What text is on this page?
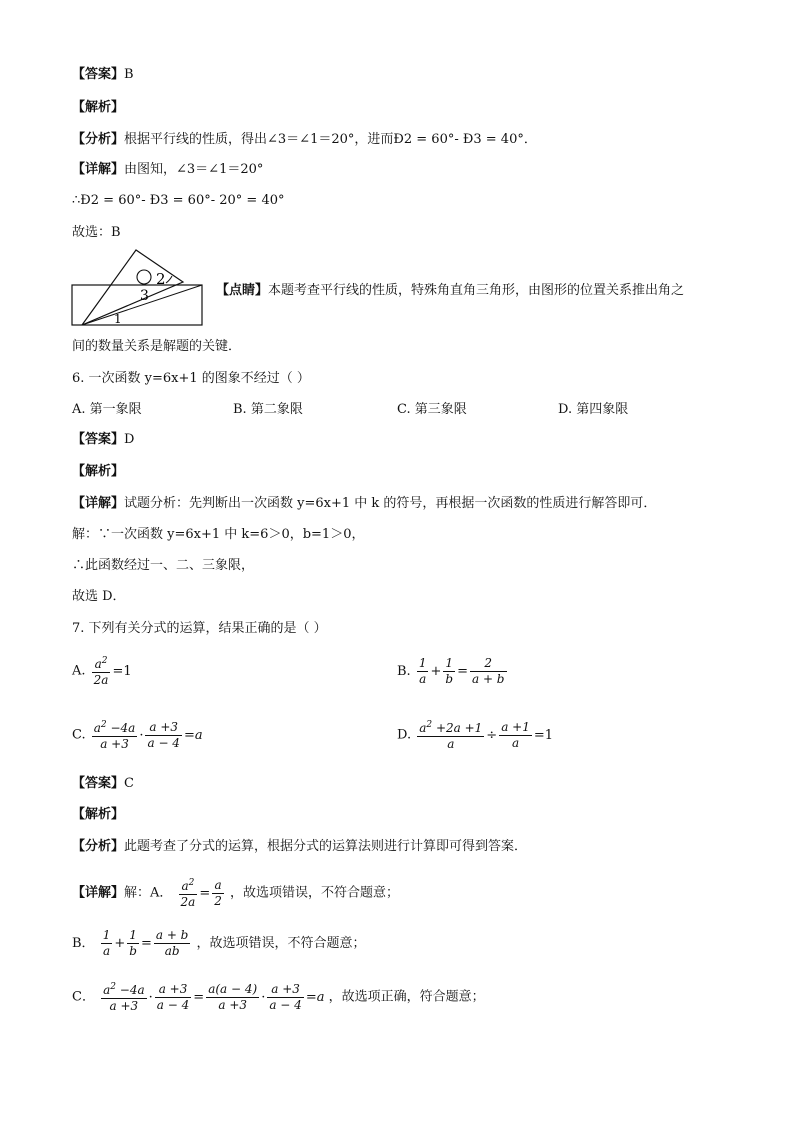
【答案】B
【解析】
【分析】根据平行线的性质，得出∠3＝∠1＝20°，进而Ð2 = 60°- Ð3 = 40°．
【详解】由图知，∠3＝∠1＝20°
∴Ð2 = 60°- Ð3 = 60°- 20° = 40°
故选：B
2
3
1
【点睛】本题考查平行线的性质，特殊角直角三角形，由图形的位置关系推出角之
间的数量关系是解题的关键．
6. 一次函数 y=6x+1 的图象不经过（ ）
A. 第一象限	B. 第二象限	C. 第三象限	D. 第四象限
【答案】D
【解析】
【详解】试题分析：先判断出一次函数 y=6x+1 中 k 的符号，再根据一次函数的性质进行解答即可．
解：∵一次函数 y=6x+1 中 k=6＞0，b=1＞0，
∴此函数经过一、二、三象限，
故选 D．
7. 下列有关分式的运算，结果正确的是（ ）
A. $\frac{a^2}{2a} =1$	B. $\frac{1}{a} + \frac{1}{b} = \frac{2}{a + b}$
C. $\frac{a^2 -4a}{a +3} \cdot \frac{a +3}{a - 4} =a$	D. $\frac{a^2 +2a +1}{a} \div \frac{a +1}{a} =1$
【答案】C
【解析】
【分析】此题考查了分式的运算，根据分式的运算法则进行计算即可得到答案．
【详解】解：A． $\frac{a^2}{2a} = \frac{a}{2}$ ，故选项错误，不符合题意；
B． $\frac{1}{a} + \frac{1}{b} = \frac{a + b}{ab}$ ，故选项错误，不符合题意；
C． $\frac{a^2 -4a}{a +3} \cdot \frac{a +3}{a - 4} = \frac{a(a - 4)}{a +3} \cdot \frac{a +3}{a - 4} =a$ ，故选项正确，符合题意；
